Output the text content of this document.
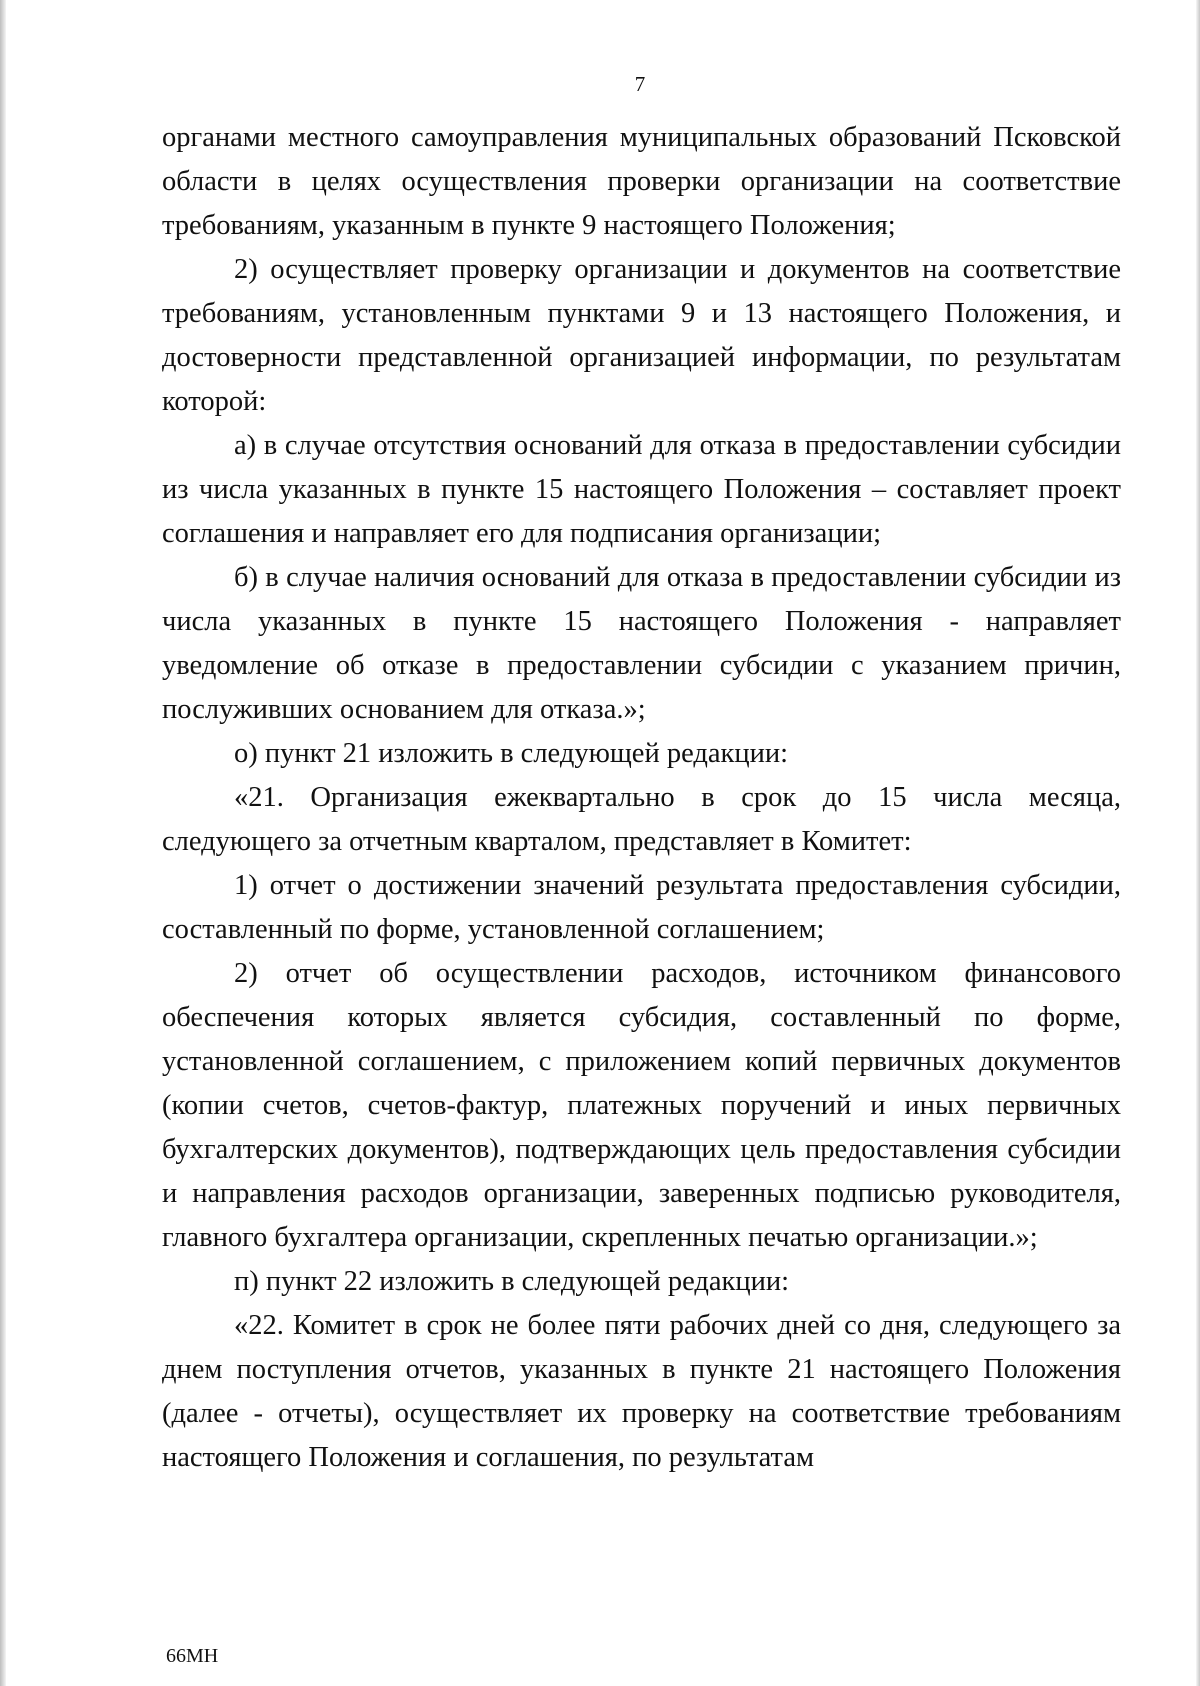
7

органами местного самоуправления муниципальных образований Псковской области в целях осуществления проверки организации на соответствие требованиям, указанным в пункте 9 настоящего Положения;

2) осуществляет проверку организации и документов на соответствие требованиям, установленным пунктами 9 и 13 настоящего Положения, и достоверности представленной организацией информации, по результатам которой:

а) в случае отсутствия оснований для отказа в предоставлении субсидии из числа указанных в пункте 15 настоящего Положения – составляет проект соглашения и направляет его для подписания организации;

б) в случае наличия оснований для отказа в предоставлении субсидии из числа указанных в пункте 15 настоящего Положения - направляет уведомление об отказе в предоставлении субсидии с указанием причин, послуживших основанием для отказа.»;

о) пункт 21 изложить в следующей редакции:

«21. Организация ежеквартально в срок до 15 числа месяца, следующего за отчетным кварталом, представляет в Комитет:

1) отчет о достижении значений результата предоставления субсидии, составленный по форме, установленной соглашением;

2) отчет об осуществлении расходов, источником финансового обеспечения которых является субсидия, составленный по форме, установленной соглашением, с приложением копий первичных документов (копии счетов, счетов-фактур, платежных поручений и иных первичных бухгалтерских документов), подтверждающих цель предоставления субсидии и направления расходов организации, заверенных подписью руководителя, главного бухгалтера организации, скрепленных печатью организации.»;

п) пункт 22 изложить в следующей редакции:

«22. Комитет в срок не более пяти рабочих дней со дня, следующего за днем поступления отчетов, указанных в пункте 21 настоящего Положения (далее - отчеты), осуществляет их проверку на соответствие требованиям настоящего Положения и соглашения, по результатам

66МН
